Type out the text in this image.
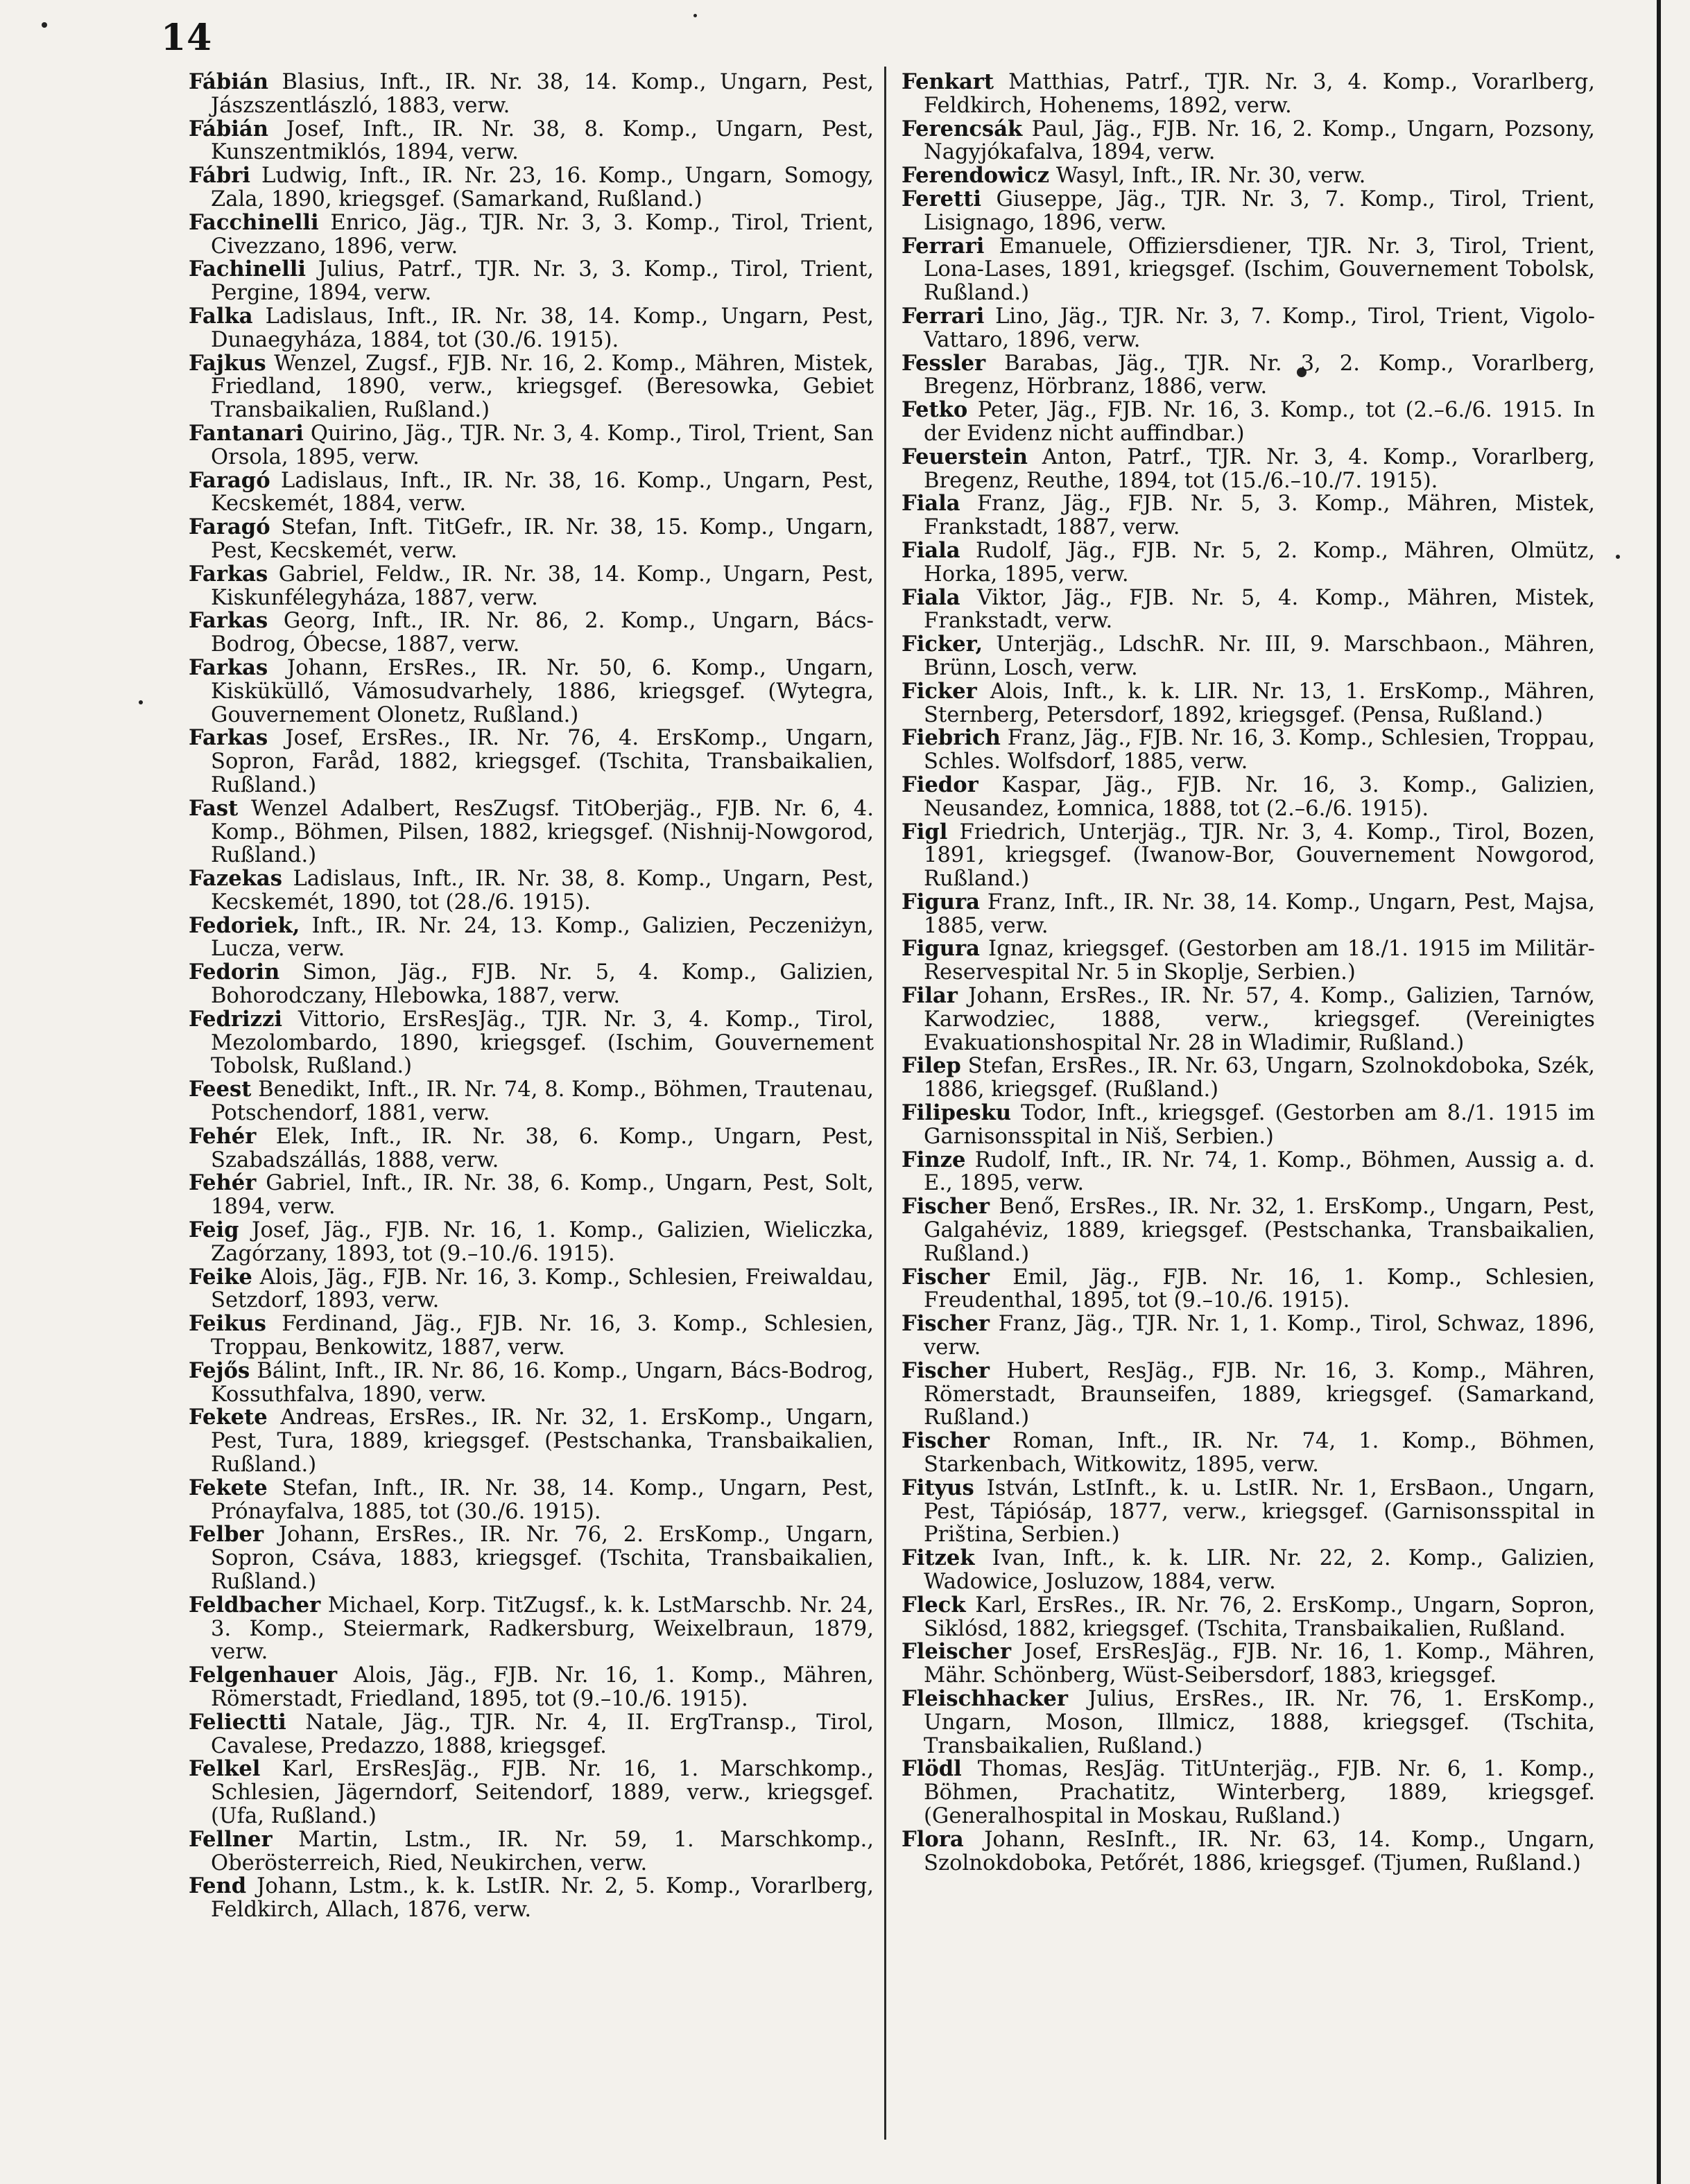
14

Fábián Blasius, Inft., IR. Nr. 38, 14. Komp., Ungarn, Pest, Jászszentlászló, 1883, verw.

Fábián Josef, Inft., IR. Nr. 38, 8. Komp., Ungarn, Pest, Kunszentmiklós, 1894, verw.

Fábri Ludwig, Inft., IR. Nr. 23, 16. Komp., Ungarn, Somogy, Zala, 1890, kriegsgef. (Samarkand, Rußland.)

Facchinelli Enrico, Jäg., TJR. Nr. 3, 3. Komp., Tirol, Trient, Civezzano, 1896, verw.

Fachinelli Julius, Patrf., TJR. Nr. 3, 3. Komp., Tirol, Trient, Pergine, 1894, verw.

Falka Ladislaus, Inft., IR. Nr. 38, 14. Komp., Ungarn, Pest, Dunaegyháza, 1884, tot (30./6. 1915).

Fajkus Wenzel, Zugsf., FJB. Nr. 16, 2. Komp., Mähren, Mistek, Friedland, 1890, verw., kriegsgef. (Beresowka, Gebiet Transbaikalien, Rußland.)

Fantanari Quirino, Jäg., TJR. Nr. 3, 4. Komp., Tirol, Trient, San Orsola, 1895, verw.

Faragó Ladislaus, Inft., IR. Nr. 38, 16. Komp., Ungarn, Pest, Kecskemét, 1884, verw.

Faragó Stefan, Inft. TitGefr., IR. Nr. 38, 15. Komp., Ungarn, Pest, Kecskemét, verw.

Farkas Gabriel, Feldw., IR. Nr. 38, 14. Komp., Ungarn, Pest, Kiskunfélegyháza, 1887, verw.

Farkas Georg, Inft., IR. Nr. 86, 2. Komp., Ungarn, Bács-Bodrog, Óbecse, 1887, verw.

Farkas Johann, ErsRes., IR. Nr. 50, 6. Komp., Ungarn, Kisküküllő, Vámosudvarhely, 1886, kriegsgef. (Wytegra, Gouvernement Olonetz, Rußland.)

Farkas Josef, ErsRes., IR. Nr. 76, 4. ErsKomp., Ungarn, Sopron, Faråd, 1882, kriegsgef. (Tschita, Transbaikalien, Rußland.)

Fast Wenzel Adalbert, ResZugsf. TitOberjäg., FJB. Nr. 6, 4. Komp., Böhmen, Pilsen, 1882, kriegsgef. (Nishnij-Nowgorod, Rußland.)

Fazekas Ladislaus, Inft., IR. Nr. 38, 8. Komp., Ungarn, Pest, Kecskemét, 1890, tot (28./6. 1915).

Fedoriek, Inft., IR. Nr. 24, 13. Komp., Galizien, Peczeniżyn, Lucza, verw.

Fedorin Simon, Jäg., FJB. Nr. 5, 4. Komp., Galizien, Bohorodczany, Hlebowka, 1887, verw.

Fedrizzi Vittorio, ErsResJäg., TJR. Nr. 3, 4. Komp., Tirol, Mezolombardo, 1890, kriegsgef. (Ischim, Gouvernement Tobolsk, Rußland.)

Feest Benedikt, Inft., IR. Nr. 74, 8. Komp., Böhmen, Trautenau, Potschendorf, 1881, verw.

Fehér Elek, Inft., IR. Nr. 38, 6. Komp., Ungarn, Pest, Szabadszállás, 1888, verw.

Fehér Gabriel, Inft., IR. Nr. 38, 6. Komp., Ungarn, Pest, Solt, 1894, verw.

Feig Josef, Jäg., FJB. Nr. 16, 1. Komp., Galizien, Wieliczka, Zagórzany, 1893, tot (9.–10./6. 1915).

Feike Alois, Jäg., FJB. Nr. 16, 3. Komp., Schlesien, Freiwaldau, Setzdorf, 1893, verw.

Feikus Ferdinand, Jäg., FJB. Nr. 16, 3. Komp., Schlesien, Troppau, Benkowitz, 1887, verw.

Fejős Bálint, Inft., IR. Nr. 86, 16. Komp., Ungarn, Bács-Bodrog, Kossuthfalva, 1890, verw.

Fekete Andreas, ErsRes., IR. Nr. 32, 1. ErsKomp., Ungarn, Pest, Tura, 1889, kriegsgef. (Pestschanka, Transbaikalien, Rußland.)

Fekete Stefan, Inft., IR. Nr. 38, 14. Komp., Ungarn, Pest, Prónayfalva, 1885, tot (30./6. 1915).

Felber Johann, ErsRes., IR. Nr. 76, 2. ErsKomp., Ungarn, Sopron, Csáva, 1883, kriegsgef. (Tschita, Transbaikalien, Rußland.)

Feldbacher Michael, Korp. TitZugsf., k. k. LstMarschb. Nr. 24, 3. Komp., Steiermark, Radkersburg, Weixelbraun, 1879, verw.

Felgenhauer Alois, Jäg., FJB. Nr. 16, 1. Komp., Mähren, Römerstadt, Friedland, 1895, tot (9.–10./6. 1915).

Feliectti Natale, Jäg., TJR. Nr. 4, II. ErgTransp., Tirol, Cavalese, Predazzo, 1888, kriegsgef.

Felkel Karl, ErsResJäg., FJB. Nr. 16, 1. Marschkomp., Schlesien, Jägerndorf, Seitendorf, 1889, verw., kriegsgef. (Ufa, Rußland.)

Fellner Martin, Lstm., IR. Nr. 59, 1. Marschkomp., Oberösterreich, Ried, Neukirchen, verw.

Fend Johann, Lstm., k. k. LstIR. Nr. 2, 5. Komp., Vorarlberg, Feldkirch, Allach, 1876, verw.

Fenkart Matthias, Patrf., TJR. Nr. 3, 4. Komp., Vorarlberg, Feldkirch, Hohenems, 1892, verw.

Ferencsák Paul, Jäg., FJB. Nr. 16, 2. Komp., Ungarn, Pozsony, Nagyjókafalva, 1894, verw.

Ferendowicz Wasyl, Inft., IR. Nr. 30, verw.

Feretti Giuseppe, Jäg., TJR. Nr. 3, 7. Komp., Tirol, Trient, Lisignago, 1896, verw.

Ferrari Emanuele, Offiziersdiener, TJR. Nr. 3, Tirol, Trient, Lona-Lases, 1891, kriegsgef. (Ischim, Gouvernement Tobolsk, Rußland.)

Ferrari Lino, Jäg., TJR. Nr. 3, 7. Komp., Tirol, Trient, Vigolo-Vattaro, 1896, verw.

Fessler Barabas, Jäg., TJR. Nr. 3, 2. Komp., Vorarlberg, Bregenz, Hörbranz, 1886, verw.

Fetko Peter, Jäg., FJB. Nr. 16, 3. Komp., tot (2.–6./6. 1915. In der Evidenz nicht auffindbar.)

Feuerstein Anton, Patrf., TJR. Nr. 3, 4. Komp., Vorarlberg, Bregenz, Reuthe, 1894, tot (15./6.–10./7. 1915).

Fiala Franz, Jäg., FJB. Nr. 5, 3. Komp., Mähren, Mistek, Frankstadt, 1887, verw.

Fiala Rudolf, Jäg., FJB. Nr. 5, 2. Komp., Mähren, Olmütz, Horka, 1895, verw.

Fiala Viktor, Jäg., FJB. Nr. 5, 4. Komp., Mähren, Mistek, Frankstadt, verw.

Ficker, Unterjäg., LdschR. Nr. III, 9. Marschbaon., Mähren, Brünn, Losch, verw.

Ficker Alois, Inft., k. k. LIR. Nr. 13, 1. ErsKomp., Mähren, Sternberg, Petersdorf, 1892, kriegsgef. (Pensa, Rußland.)

Fiebrich Franz, Jäg., FJB. Nr. 16, 3. Komp., Schlesien, Troppau, Schles. Wolfsdorf, 1885, verw.

Fiedor Kaspar, Jäg., FJB. Nr. 16, 3. Komp., Galizien, Neusandez, Łomnica, 1888, tot (2.–6./6. 1915).

Figl Friedrich, Unterjäg., TJR. Nr. 3, 4. Komp., Tirol, Bozen, 1891, kriegsgef. (Iwanow-Bor, Gouvernement Nowgorod, Rußland.)

Figura Franz, Inft., IR. Nr. 38, 14. Komp., Ungarn, Pest, Majsa, 1885, verw.

Figura Ignaz, kriegsgef. (Gestorben am 18./1. 1915 im Militär-Reservespital Nr. 5 in Skoplje, Serbien.)

Filar Johann, ErsRes., IR. Nr. 57, 4. Komp., Galizien, Tarnów, Karwodziec, 1888, verw., kriegsgef. (Vereinigtes Evakuationshospital Nr. 28 in Wladimir, Rußland.)

Filep Stefan, ErsRes., IR. Nr. 63, Ungarn, Szolnokdoboka, Szék, 1886, kriegsgef. (Rußland.)

Filipesku Todor, Inft., kriegsgef. (Gestorben am 8./1. 1915 im Garnisonsspital in Niš, Serbien.)

Finze Rudolf, Inft., IR. Nr. 74, 1. Komp., Böhmen, Aussig a. d. E., 1895, verw.

Fischer Benő, ErsRes., IR. Nr. 32, 1. ErsKomp., Ungarn, Pest, Galgahéviz, 1889, kriegsgef. (Pestschanka, Transbaikalien, Rußland.)

Fischer Emil, Jäg., FJB. Nr. 16, 1. Komp., Schlesien, Freudenthal, 1895, tot (9.–10./6. 1915).

Fischer Franz, Jäg., TJR. Nr. 1, 1. Komp., Tirol, Schwaz, 1896, verw.

Fischer Hubert, ResJäg., FJB. Nr. 16, 3. Komp., Mähren, Römerstadt, Braunseifen, 1889, kriegsgef. (Samarkand, Rußland.)

Fischer Roman, Inft., IR. Nr. 74, 1. Komp., Böhmen, Starkenbach, Witkowitz, 1895, verw.

Fityus István, LstInft., k. u. LstIR. Nr. 1, ErsBaon., Ungarn, Pest, Tápiósáp, 1877, verw., kriegsgef. (Garnisonsspital in Priština, Serbien.)

Fitzek Ivan, Inft., k. k. LIR. Nr. 22, 2. Komp., Galizien, Wadowice, Josluzow, 1884, verw.

Fleck Karl, ErsRes., IR. Nr. 76, 2. ErsKomp., Ungarn, Sopron, Siklósd, 1882, kriegsgef. (Tschita, Transbaikalien, Rußland.

Fleischer Josef, ErsResJäg., FJB. Nr. 16, 1. Komp., Mähren, Mähr. Schönberg, Wüst-Seibersdorf, 1883, kriegsgef.

Fleischhacker Julius, ErsRes., IR. Nr. 76, 1. ErsKomp., Ungarn, Moson, Illmicz, 1888, kriegsgef. (Tschita, Transbaikalien, Rußland.)

Flödl Thomas, ResJäg. TitUnterjäg., FJB. Nr. 6, 1. Komp., Böhmen, Prachatitz, Winterberg, 1889, kriegsgef. (Generalhospital in Moskau, Rußland.)

Flora Johann, ResInft., IR. Nr. 63, 14. Komp., Ungarn, Szolnokdoboka, Petőrét, 1886, kriegsgef. (Tjumen, Rußland.)
